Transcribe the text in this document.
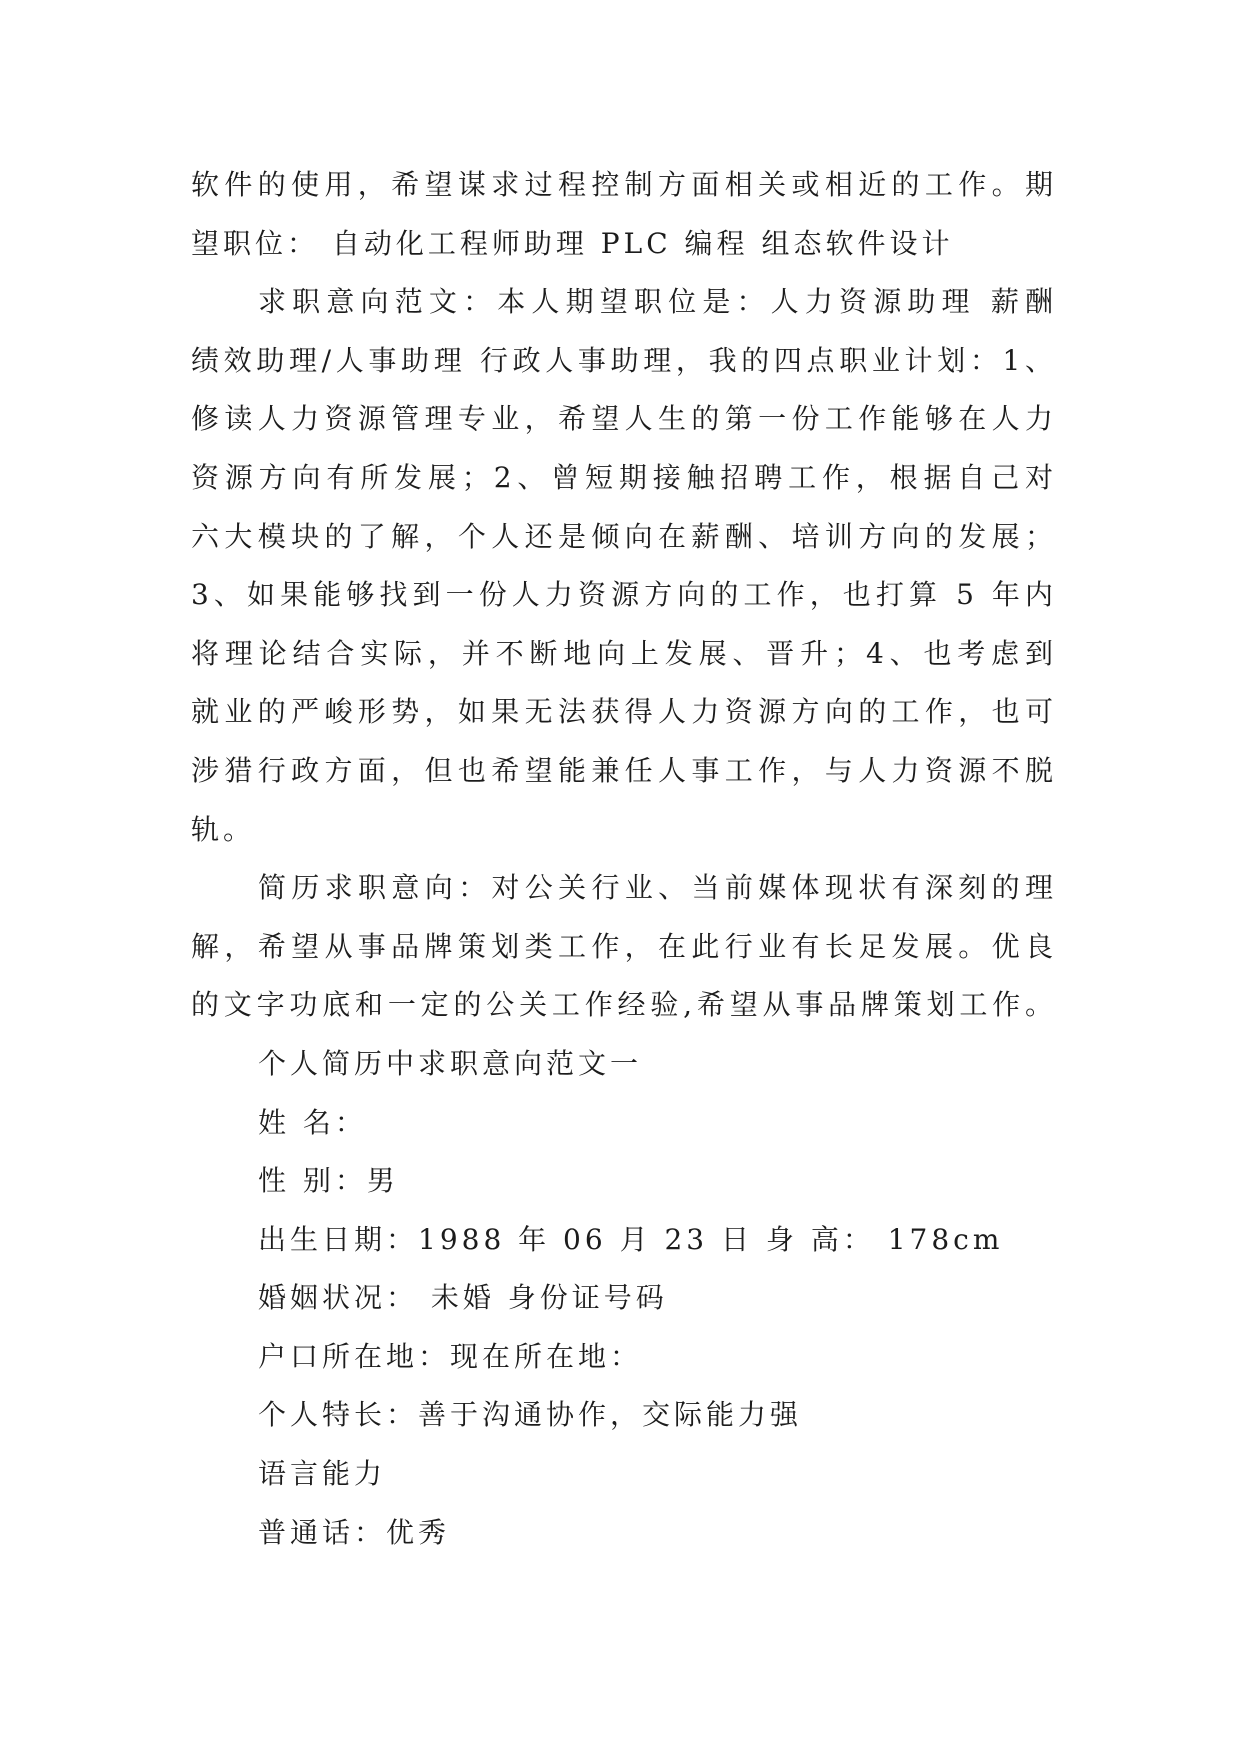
软件的使用，希望谋求过程控制方面相关或相近的工作。期
望职位： 自动化工程师助理 PLC 编程 组态软件设计
求职意向范文：本人期望职位是：人力资源助理 薪酬
绩效助理/人事助理 行政人事助理，我的四点职业计划：1、
修读人力资源管理专业，希望人生的第一份工作能够在人力
资源方向有所发展；2、曾短期接触招聘工作，根据自己对
六大模块的了解，个人还是倾向在薪酬、培训方向的发展；
3、如果能够找到一份人力资源方向的工作，也打算 5 年内
将理论结合实际，并不断地向上发展、晋升；4、也考虑到
就业的严峻形势，如果无法获得人力资源方向的工作，也可
涉猎行政方面，但也希望能兼任人事工作，与人力资源不脱
轨。
简历求职意向：对公关行业、当前媒体现状有深刻的理
解，希望从事品牌策划类工作，在此行业有长足发展。优良
的文字功底和一定的公关工作经验,希望从事品牌策划工作。
个人简历中求职意向范文一
姓 名：
性 别：男
出生日期：1988 年 06 月 23 日 身 高： 178cm
婚姻状况： 未婚 身份证号码
户口所在地：现在所在地：
个人特长：善于沟通协作，交际能力强
语言能力
普通话：优秀
